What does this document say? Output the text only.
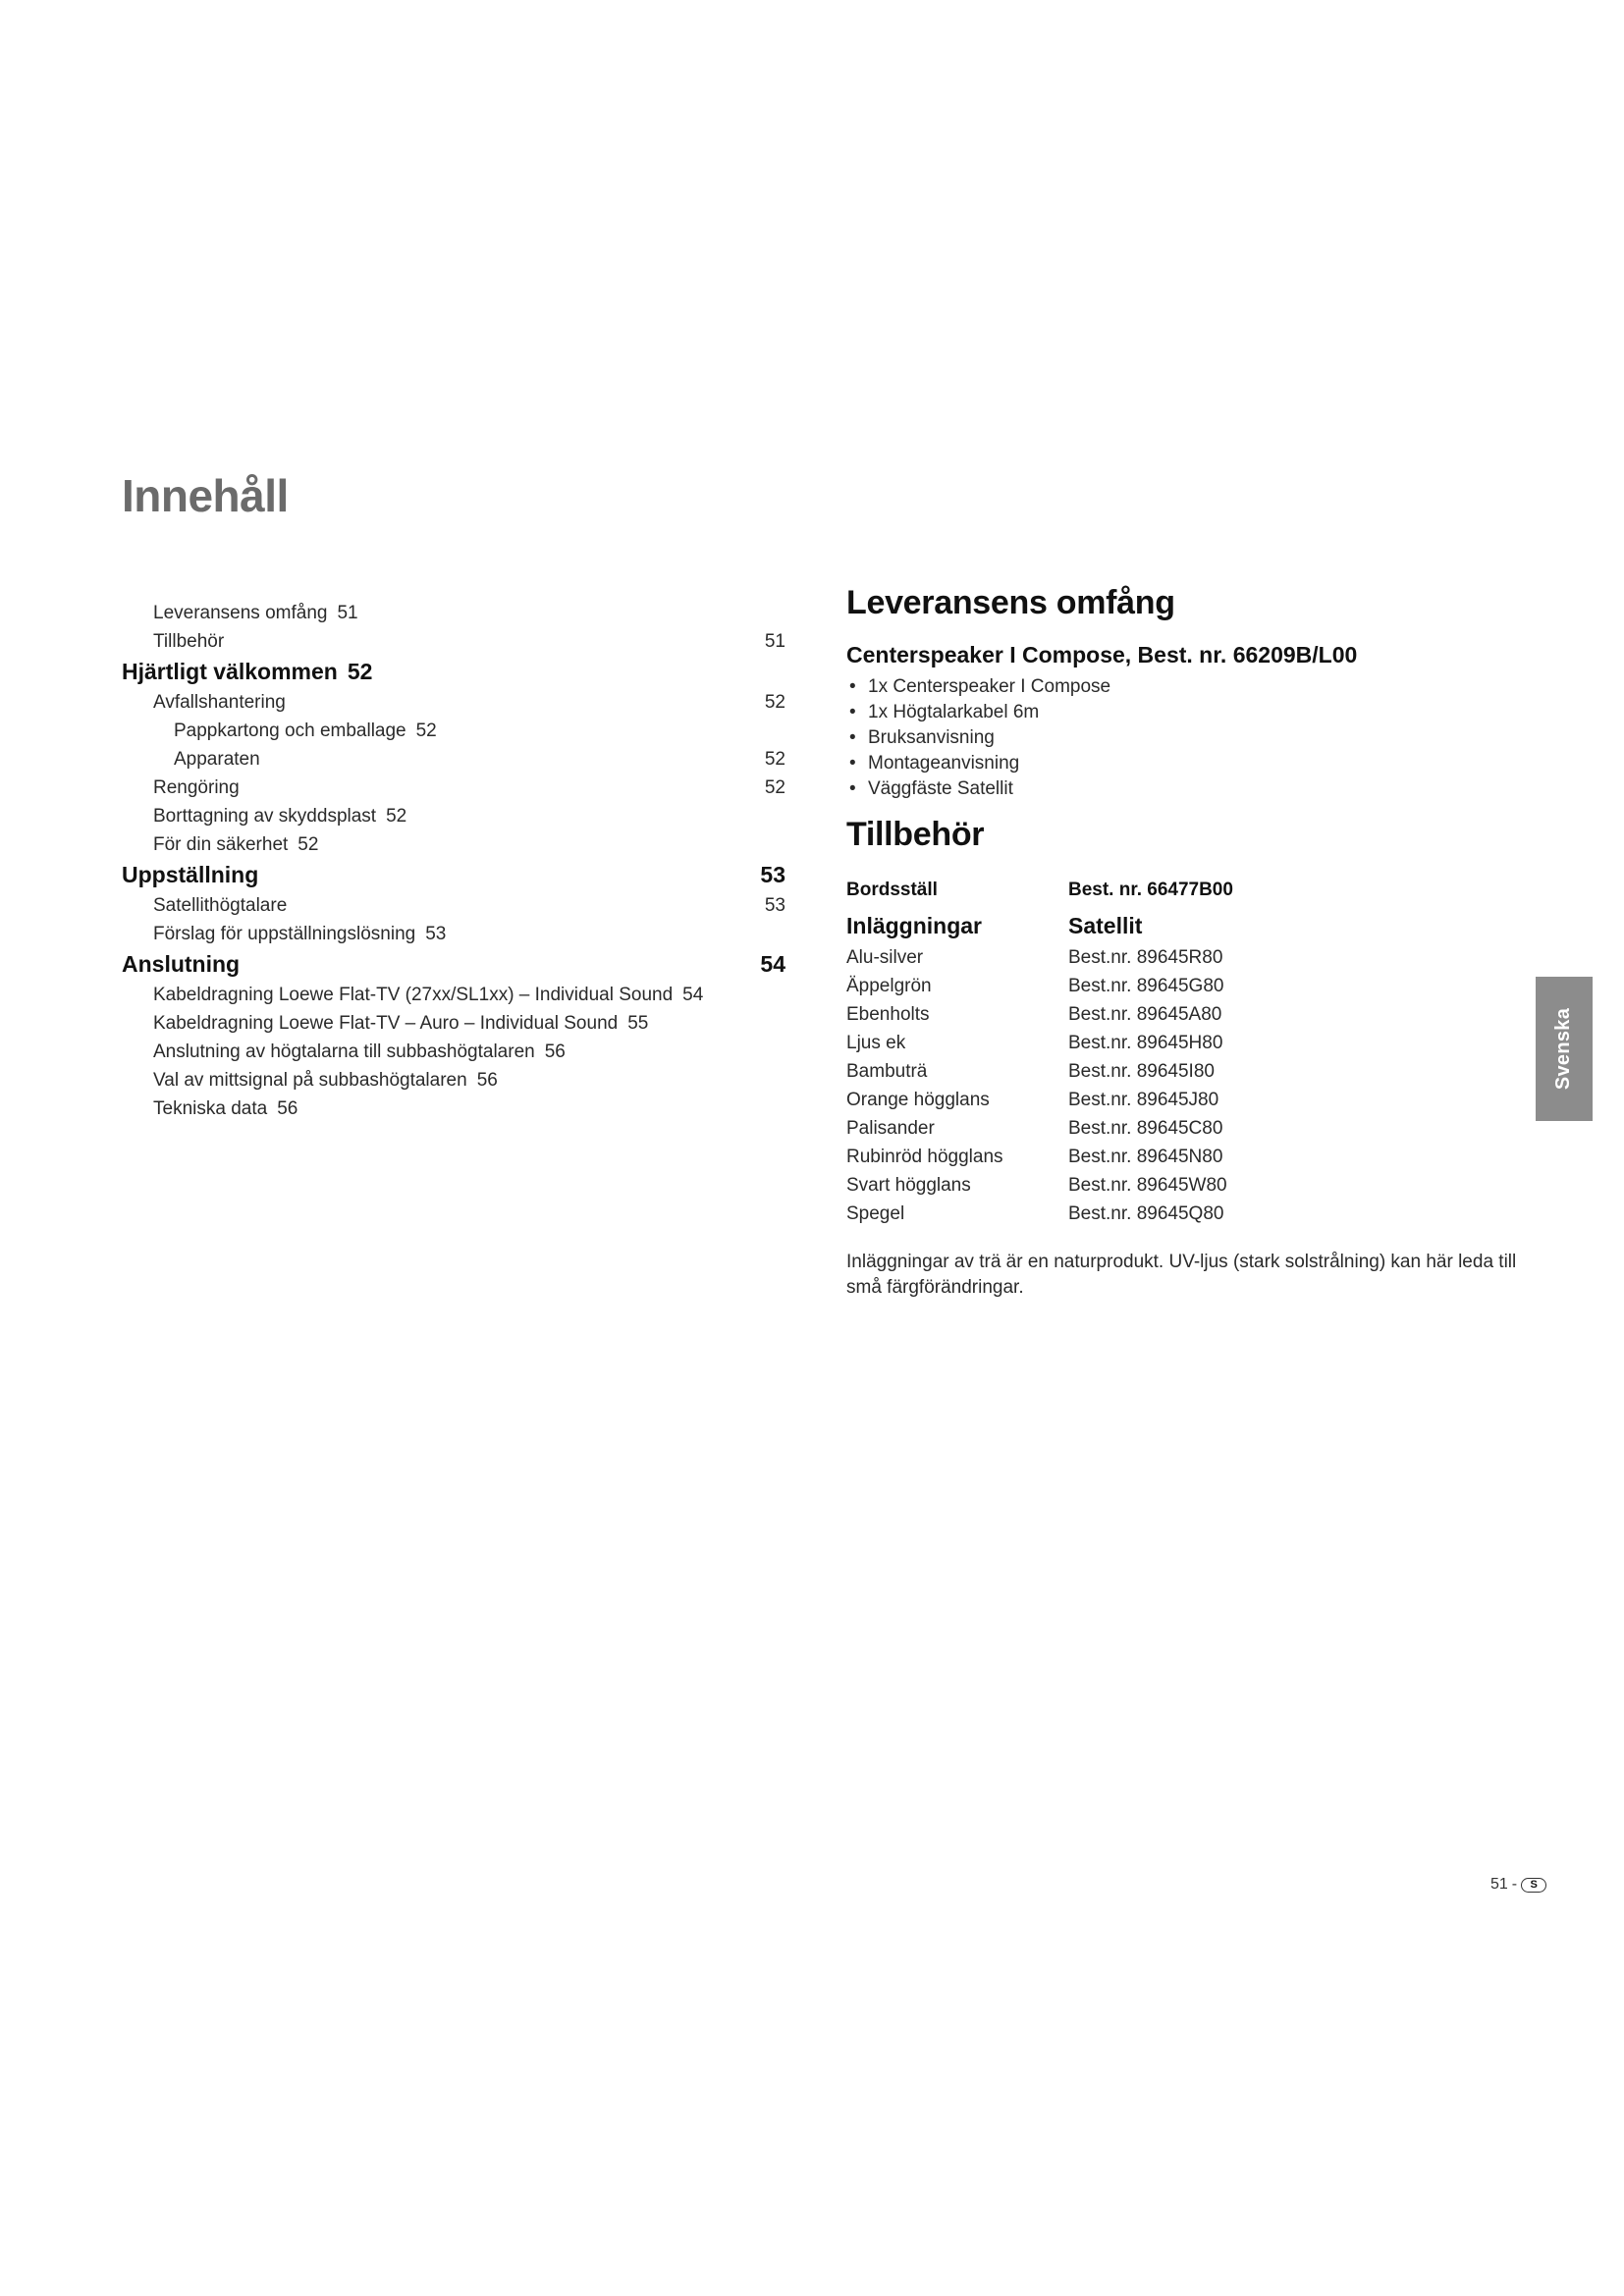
Innehåll
Leveransens omfång 51
Tillbehör	51
Hjärtligt välkommen 52
Avfallshantering	52
Pappkartong och emballage 52
Apparaten	52
Rengöring	52
Borttagning av skyddsplast 52
För din säkerhet 52
Uppställning	53
Satellithögtalare	53
Förslag för uppställningslösning 53
Anslutning	54
Kabeldragning Loewe Flat-TV (27xx/SL1xx) – Individual Sound 54
Kabeldragning Loewe Flat-TV – Auro – Individual Sound 55
Anslutning av högtalarna till subbashögtalaren 56
Val av mittsignal på subbashögtalaren 56
Tekniska data 56
Leveransens omfång
Centerspeaker I Compose, Best. nr. 66209B/L00
• 1x Centerspeaker I Compose
• 1x Högtalarkabel 6m
• Bruksanvisning
• Montageanvisning
• Väggfäste Satellit
Tillbehör
Bordsställ	Best. nr. 66477B00
Inläggningar	Satellit
Alu-silver	Best.nr. 89645R80
Äppelgrön	Best.nr. 89645G80
Ebenholts	Best.nr. 89645A80
Ljus ek	Best.nr. 89645H80
Bambuträ	Best.nr. 89645I80
Orange högglans	Best.nr. 89645J80
Palisander	Best.nr. 89645C80
Rubinröd högglans	Best.nr. 89645N80
Svart högglans	Best.nr. 89645W80
Spegel	Best.nr. 89645Q80
Inläggningar av trä är en naturprodukt. UV-ljus (stark solstrålning) kan här leda till små färgförändringar.
Svenska
51 -	S
